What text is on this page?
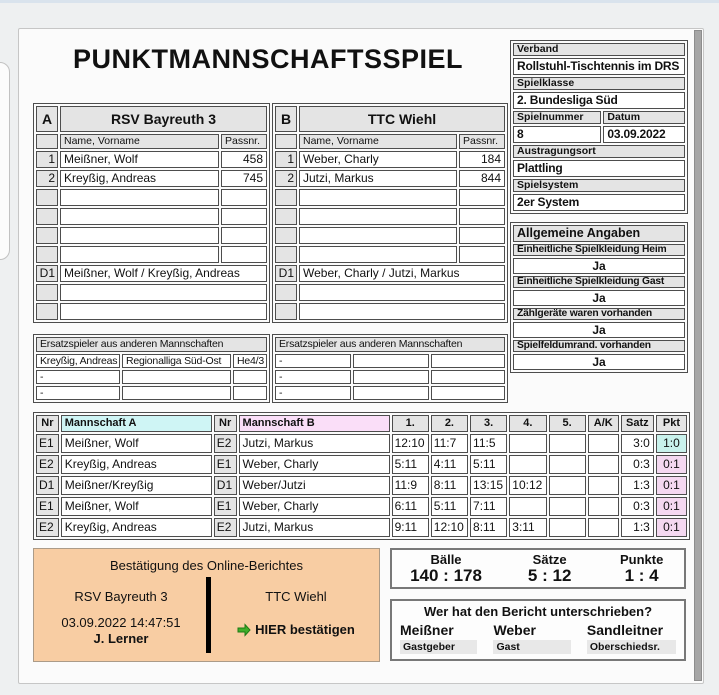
PUNKTMANNSCHAFTSSPIEL	Verband	
Rollstuhl-Tischtennis im DRS	
Spielklasse	
2. Bundesliga Süd	
Spielnummer	Datum
8	03.09.2022
Austragungsort	
Plattling	
Spielsystem	
2er System	
Allgemeine Angaben
Einheitliche Spielkleidung Heim
Ja
Einheitliche Spielkleidung Gast
Ja
Zählgeräte waren vorhanden
Ja
Spielfeldumrand. vorhanden
Ja
A	RSV Bayreuth 3	
	Name, Vorname	Passnr.
1	Meißner, Wolf	458
2	Kreyßig, Andreas	745

D1	Meißner, Wolf / Kreyßig, Andreas	

B	TTC Wiehl	
	Name, Vorname	Passnr.
1	Weber, Charly	184
2	Jutzi, Markus	844

D1	Weber, Charly / Jutzi, Markus	

Ersatzspieler aus anderen Mannschaften		
Kreyßig, Andreas	Regionalliga Süd-Ost	He4/3
-		
-		
Ersatzspieler aus anderen Mannschaften		
-		
-		
-		
Nr	Mannschaft A	Nr	Mannschaft B	1.	2.	3.	4.	5.	A/K	Satz	Pkt
E1	Meißner, Wolf	E2	Jutzi, Markus	12:10	11:7	11:5				3:0	1:0
E2	Kreyßig, Andreas	E1	Weber, Charly	5:11	4:11	5:11				0:3	0:1
D1	Meißner/Kreyßig	D1	Weber/Jutzi	11:9	8:11	13:15	10:12			1:3	0:1
E1	Meißner, Wolf	E1	Weber, Charly	6:11	5:11	7:11				0:3	0:1
E2	Kreyßig, Andreas	E2	Jutzi, Markus	9:11	12:10	8:11	3:11			1:3	0:1
Bestätigung des Online-Berichtes
RSV Bayreuth 3
03.09.2022 14:47:51
J. Lerner
TTC Wiehl
HIER bestätigen
Bälle
140 : 178
Sätze
5 : 12
Punkte
1 : 4
Wer hat den Bericht unterschrieben?
Meißner
Gastgeber
Weber
Gast
Sandleitner
Oberschiedsr.
